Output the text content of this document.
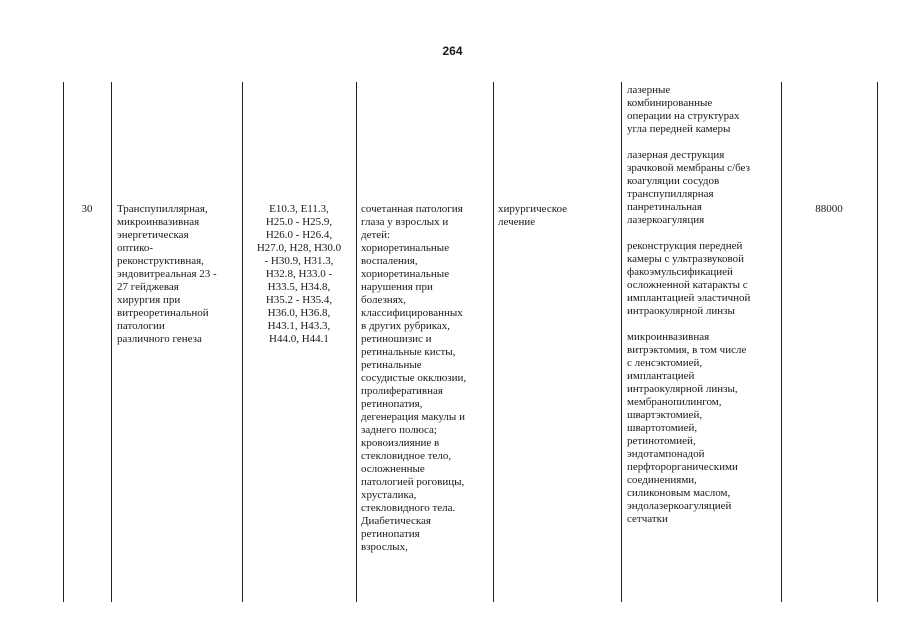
264
30	Транспупиллярная,
микроинвазивная
энергетическая
оптико-
реконструктивная,
эндовитреальная 23 -
27 гейджевая
хирургия при
витреоретинальной
патологии
различного генеза
E10.3, E11.3,
H25.0 - H25.9,
H26.0 - H26.4,
H27.0, H28, H30.0
- H30.9, H31.3,
H32.8, H33.0 -
H33.5, H34.8,
H35.2 - H35.4,
H36.0, H36.8,
H43.1, H43.3,
H44.0, H44.1
сочетанная патология
глаза у взрослых и
детей:
хориоретинальные
воспаления,
хориоретинальные
нарушения при
болезнях,
классифицированных
в других рубриках,
ретиношизис и
ретинальные кисты,
ретинальные
сосудистые окклюзии,
пролиферативная
ретинопатия,
дегенерация макулы и
заднего полюса;
кровоизлияние в
стекловидное тело,
осложненные
патологией роговицы,
хрусталика,
стекловидного тела.
Диабетическая
ретинопатия
взрослых,
хирургическое
лечение
лазерные
комбинированные
операции на структурах
угла передней камеры
лазерная деструкция
зрачковой мембраны с/без
коагуляции сосудов
транспупиллярная
панретинальная
лазеркоагуляция
реконструкция передней
камеры с ультразвуковой
факоэмульсификацией
осложненной катаракты с
имплантацией эластичной
интраокулярной линзы
микроинвазивная
витрэктомия, в том числе
с ленсэктомией,
имплантацией
интраокулярной линзы,
мембранопилингом,
швартэктомией,
швартотомией,
ретинотомией,
эндотампонадой
перфторорганическими
соединениями,
силиконовым маслом,
эндолазеркоагуляцией
сетчатки
88000
